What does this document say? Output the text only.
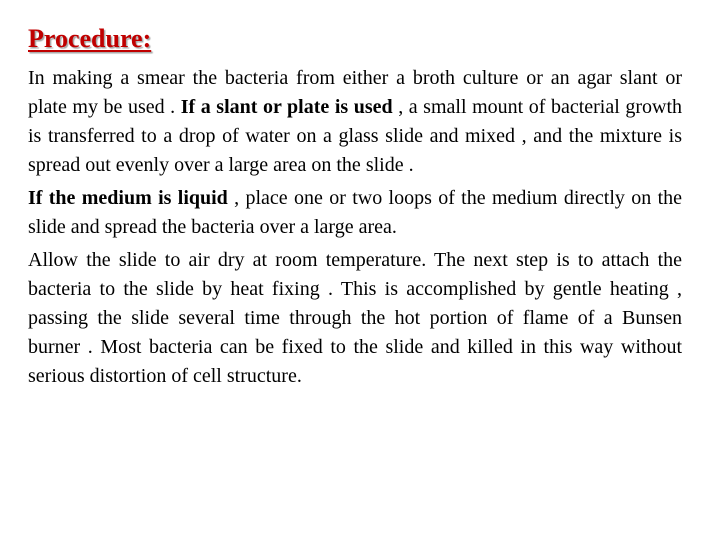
Procedure:

In making a smear the bacteria from either a broth culture or an agar slant or plate my be used . If a slant or plate is used , a small mount of bacterial growth is transferred to a drop of water on a glass slide and mixed , and the mixture is spread out evenly over a large area on the slide .

If the medium is liquid , place one or two loops of the medium directly on the slide and spread the bacteria over a large area.

Allow the slide to air dry at room temperature. The next step is to attach the bacteria to the slide by heat fixing . This is accomplished by gentle heating , passing the slide several time through the hot portion of flame of a Bunsen burner . Most bacteria can be fixed to the slide and killed in this way without serious distortion of cell structure.
